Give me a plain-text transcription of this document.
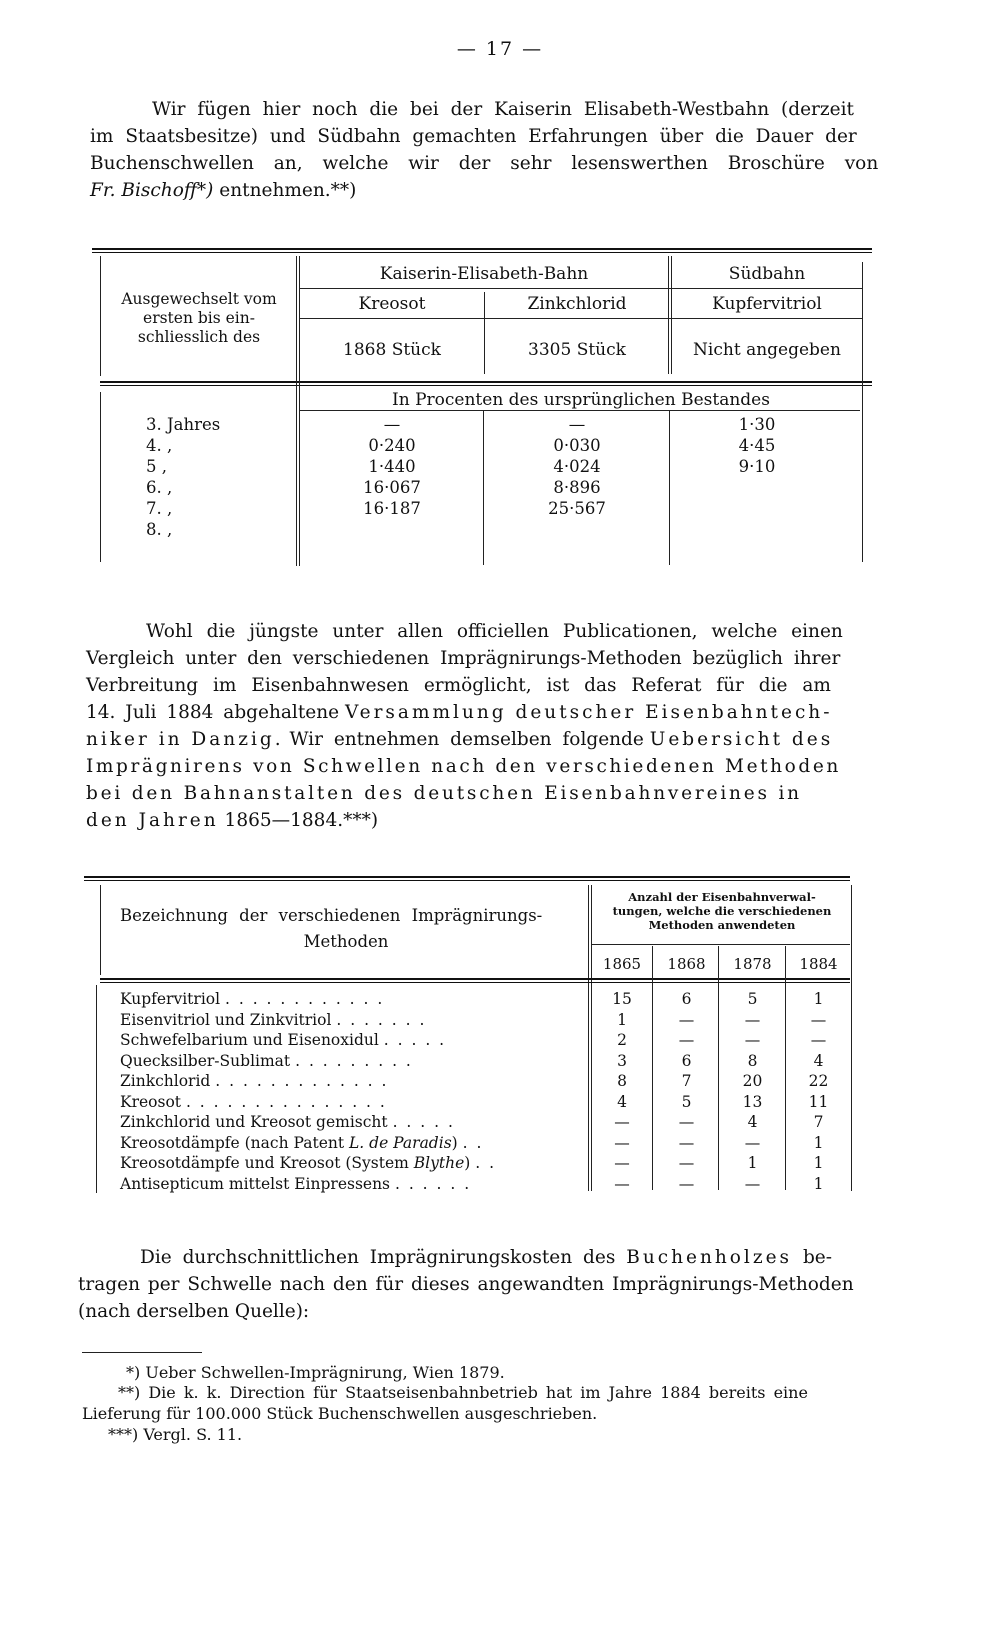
— 17 —
Wir fügen hier noch die bei der Kaiserin Elisabeth-Westbahn (derzeit
im Staatsbesitze) und Südbahn gemachten Erfahrungen über die Dauer der
Buchenschwellen an, welche wir der sehr lesenswerthen Broschüre von
Fr. Bischoff*) entnehmen.**)
Ausgewechselt vom
ersten bis ein-
schliesslich des
Kaiserin-Elisabeth-Bahn	Südbahn
Kreosot	Zinkchlorid	Kupfervitriol
1868 Stück	3305 Stück	Nicht angegeben
In Procenten des ursprünglichen Bestandes
3. Jahres	—	—	1·30
4. ,	0·240	0·030	4·45
5 ,	1·440	4·024	9·10
6. ,	16·067	8·896
7. ,	16·187	25·567
8. ,
Wohl die jüngste unter allen officiellen Publicationen, welche einen
Vergleich unter den verschiedenen Imprägnirungs-Methoden bezüglich ihrer
Verbreitung im Eisenbahnwesen ermöglicht, ist das Referat für die am
14. Juli 1884 abgehaltene Versammlung deutscher Eisenbahntech-
niker in Danzig. Wir entnehmen demselben folgende Uebersicht des
Imprägnirens von Schwellen nach den verschiedenen Methoden
bei den Bahnanstalten des deutschen Eisenbahnvereines in
den Jahren 1865—1884.***)
Bezeichnung der verschiedenen Imprägnirungs-
Methoden
Anzahl der Eisenbahnverwal-
tungen, welche die verschiedenen
Methoden anwendeten
1865	1868	1878	1884
Kupfervitriol . . . . . . . . . . . .	15	6	5	1
Eisenvitriol und Zinkvitriol . . . . . . .	1	—	—	—
Schwefelbarium und Eisenoxidul . . . . .	2	—	—	—
Quecksilber-Sublimat . . . . . . . . .	3	6	8	4
Zinkchlorid . . . . . . . . . . . . .	8	7	20	22
Kreosot . . . . . . . . . . . . . . .	4	5	13	11
Zinkchlorid und Kreosot gemischt . . . . .	—	—	4	7
Kreosotdämpfe (nach Patent L. de Paradis) . .	—	—	—	1
Kreosotdämpfe und Kreosot (System Blythe) . .	—	—	1	1
Antisepticum mittelst Einpressens . . . . . .	—	—	—	1
Die durchschnittlichen Imprägnirungskosten des Buchenholzes be-
tragen per Schwelle nach den für dieses angewandten Imprägnirungs-Methoden
(nach derselben Quelle):
*) Ueber Schwellen-Imprägnirung, Wien 1879.
**) Die k. k. Direction für Staatseisenbahnbetrieb hat im Jahre 1884 bereits eine
Lieferung für 100.000 Stück Buchenschwellen ausgeschrieben.
***) Vergl. S. 11.
